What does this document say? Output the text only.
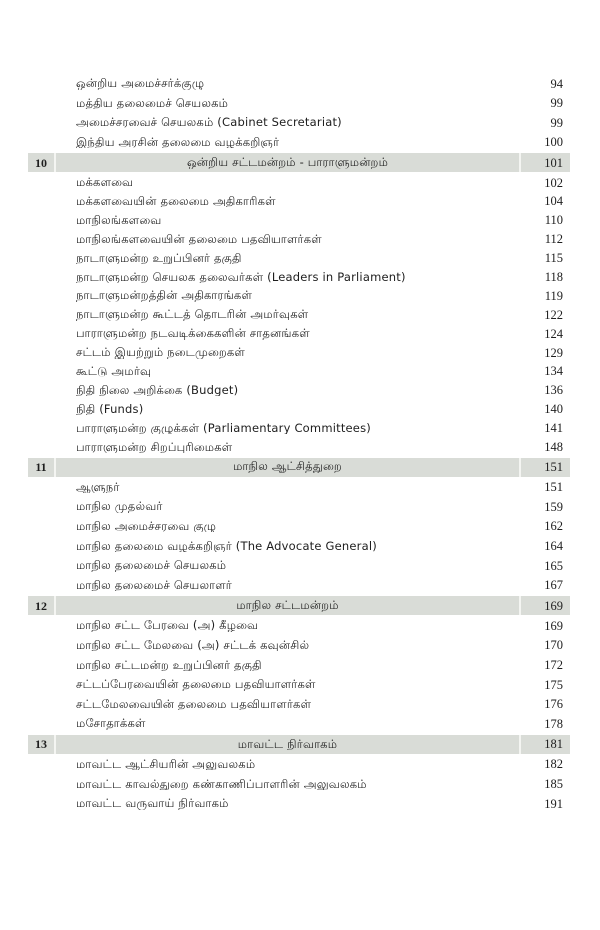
ஒன்றிய அமைச்சர்க்குழு	94
மத்திய தலைமைச் செயலகம்	99
அமைச்சரவைச் செயலகம் (Cabinet Secretariat)	99
இந்திய அரசின் தலைமை வழக்கறிஞர்	100
10	ஒன்றிய சட்டமன்றம் - பாராளுமன்றம்	101
மக்களவை	102
மக்களவையின் தலைமை அதிகாரிகள்	104
மாநிலங்களவை	110
மாநிலங்களவையின் தலைமை பதவியாளர்கள்	112
நாடாளுமன்ற உறுப்பினர் தகுதி	115
நாடாளுமன்ற செயலக தலைவர்கள் (Leaders in Parliament)	118
நாடாளுமன்றத்தின் அதிகாரங்கள்	119
நாடாளுமன்ற கூட்டத் தொடரின் அமர்வுகள்	122
பாராளுமன்ற நடவடிக்கைகளின் சாதனங்கள்	124
சட்டம் இயற்றும் நடைமுறைகள்	129
கூட்டு அமர்வு	134
நிதி நிலை அறிக்கை (Budget)	136
நிதி (Funds)	140
பாராளுமன்ற குழுக்கள் (Parliamentary Committees)	141
பாராளுமன்ற சிறப்புரிமைகள்	148
11	மாநில ஆட்சித்துறை	151
ஆளுநர்	151
மாநில முதல்வர்	159
மாநில அமைச்சரவை குழு	162
மாநில தலைமை வழக்கறிஞர் (The Advocate General)	164
மாநில தலைமைச் செயலகம்	165
மாநில தலைமைச் செயலாளர்	167
12	மாநில சட்டமன்றம்	169
மாநில சட்ட பேரவை (அ) கீழவை	169
மாநில சட்ட மேலவை (அ) சட்டக் கவுன்சில்	170
மாநில சட்டமன்ற உறுப்பினர் தகுதி	172
சட்டப்பேரவையின் தலைமை பதவியாளர்கள்	175
சட்டமேலவையின் தலைமை பதவியாளர்கள்	176
மசோதாக்கள்	178
13	மாவட்ட நிர்வாகம்	181
மாவட்ட ஆட்சியரின் அலுவலகம்	182
மாவட்ட காவல்துறை கண்காணிப்பாளரின் அலுவலகம்	185
மாவட்ட வருவாய் நிர்வாகம்	191
